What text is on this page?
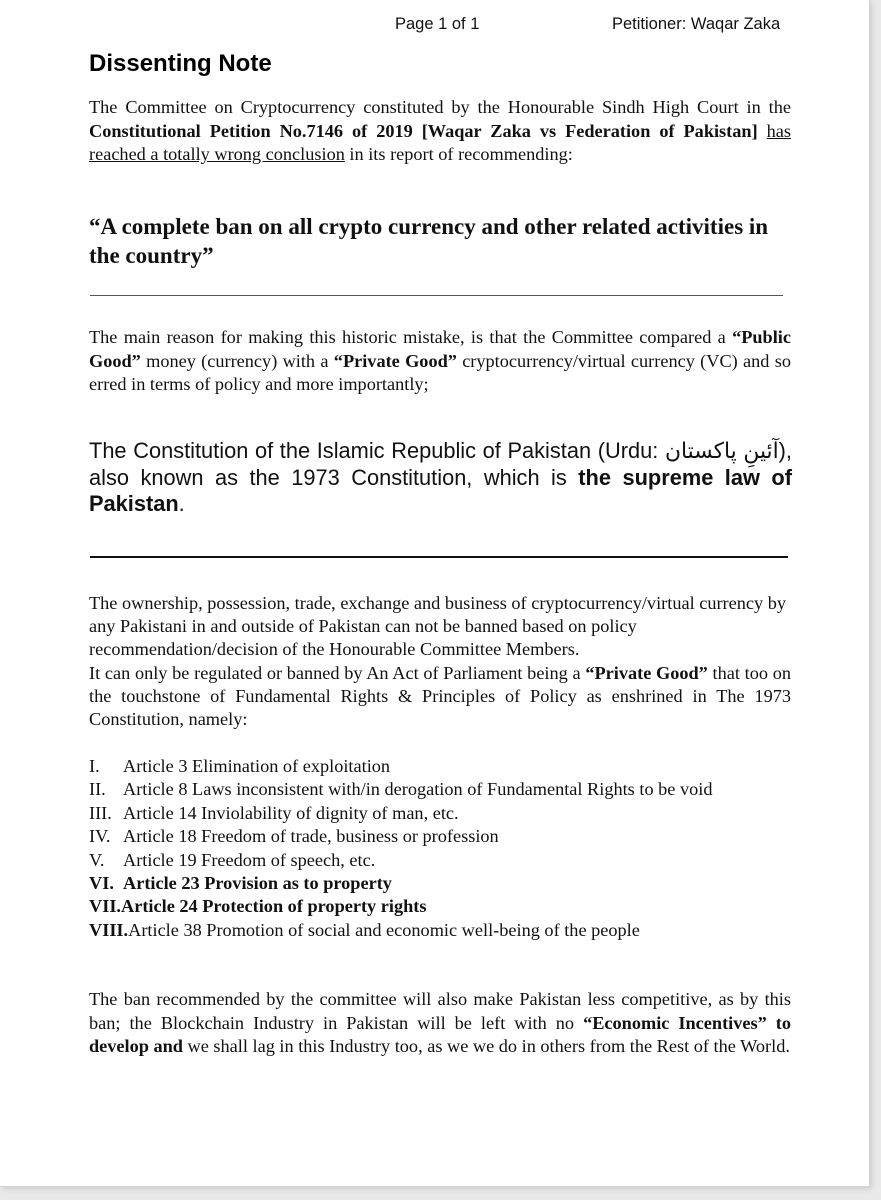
Page 1 of 1	Petitioner: Waqar Zaka
Dissenting Note
The Committee on Cryptocurrency constituted by the Honourable Sindh High Court in the Constitutional Petition No.7146 of 2019 [Waqar Zaka vs Federation of Pakistan] has reached a totally wrong conclusion in its report of recommending:
“A complete ban on all crypto currency and other related activities in the country”
The main reason for making this historic mistake, is that the Committee compared a “Public Good” money (currency) with a “Private Good” cryptocurrency/virtual currency (VC) and so erred in terms of policy and more importantly;
The Constitution of the Islamic Republic of Pakistan (Urdu: آئینِ پاکستان), also known as the 1973 Constitution, which is the supreme law of Pakistan.
The ownership, possession, trade, exchange and business of cryptocurrency/virtual currency by any Pakistani in and outside of Pakistan can not be banned based on policy recommendation/decision of the Honourable Committee Members.
It can only be regulated or banned by An Act of Parliament being a “Private Good” that too on the touchstone of Fundamental Rights & Principles of Policy as enshrined in The 1973 Constitution, namely:
I. Article 3 Elimination of exploitation
II. Article 8 Laws inconsistent with/in derogation of Fundamental Rights to be void
III. Article 14 Inviolability of dignity of man, etc.
IV. Article 18 Freedom of trade, business or profession
V. Article 19 Freedom of speech, etc.
VI. Article 23 Provision as to property
VII.Article 24 Protection of property rights
VIII.Article 38 Promotion of social and economic well-being of the people
The ban recommended by the committee will also make Pakistan less competitive, as by this ban; the Blockchain Industry in Pakistan will be left with no “Economic Incentives” to develop and we shall lag in this Industry too, as we we do in others from the Rest of the World.
